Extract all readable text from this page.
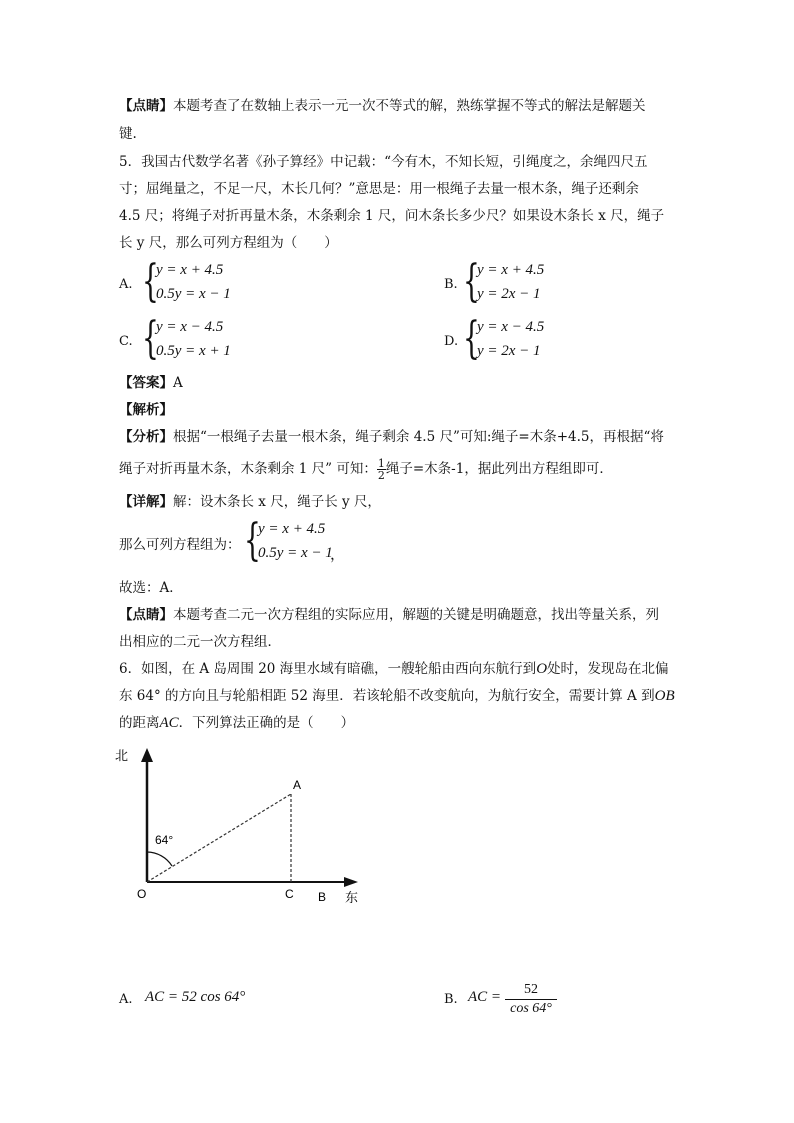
【点睛】本题考查了在数轴上表示一元一次不等式的解，熟练掌握不等式的解法是解题关
键.
5．我国古代数学名著《孙子算经》中记载：“今有木，不知长短，引绳度之，余绳四尺五
寸；屈绳量之，不足一尺，木长几何？”意思是：用一根绳子去量一根木条，绳子还剩余
4.5 尺；将绳子对折再量木条，木条剩余 1 尺，问木条长多少尺？如果设木条长 x 尺，绳子
长 y 尺，那么可列方程组为（　　）
A. {
y = x + 4.5
0.5y = x − 1
B. {
y = x + 4.5
y = 2x − 1
C. {
y = x − 4.5
0.5y = x + 1
D. {
y = x − 4.5
y = 2x − 1
【答案】A
【解析】
【分析】根据“一根绳子去量一根木条，绳子剩余 4.5 尺”可知:绳子=木条+4.5，再根据“将
绳子对折再量木条，木条剩余 1 尺” 可知： $\frac{1}{2}$ 绳子=木条-1，据此列出方程组即可．
【详解】解：设木条长 x 尺，绳子长 y 尺，
那么可列方程组为： {
y = x + 4.5
0.5y = x − 1
，
故选：A．
【点睛】本题考查二元一次方程组的实际应用，解题的关键是明确题意，找出等量关系，列
出相应的二元一次方程组．
6．如图，在 A 岛周围 20 海里水域有暗礁，一艘轮船由西向东航行到O处时，发现岛在北偏
东 64° 的方向且与轮船相距 52 海里．若该轮船不改变航向，为航行安全，需要计算 A 到OB
的距离AC．下列算法正确的是（　　）
北
A
64°
O	C B 东
A. AC = 52 cos 64°	B. AC = $\frac{52}{\cos 64^\circ}$
